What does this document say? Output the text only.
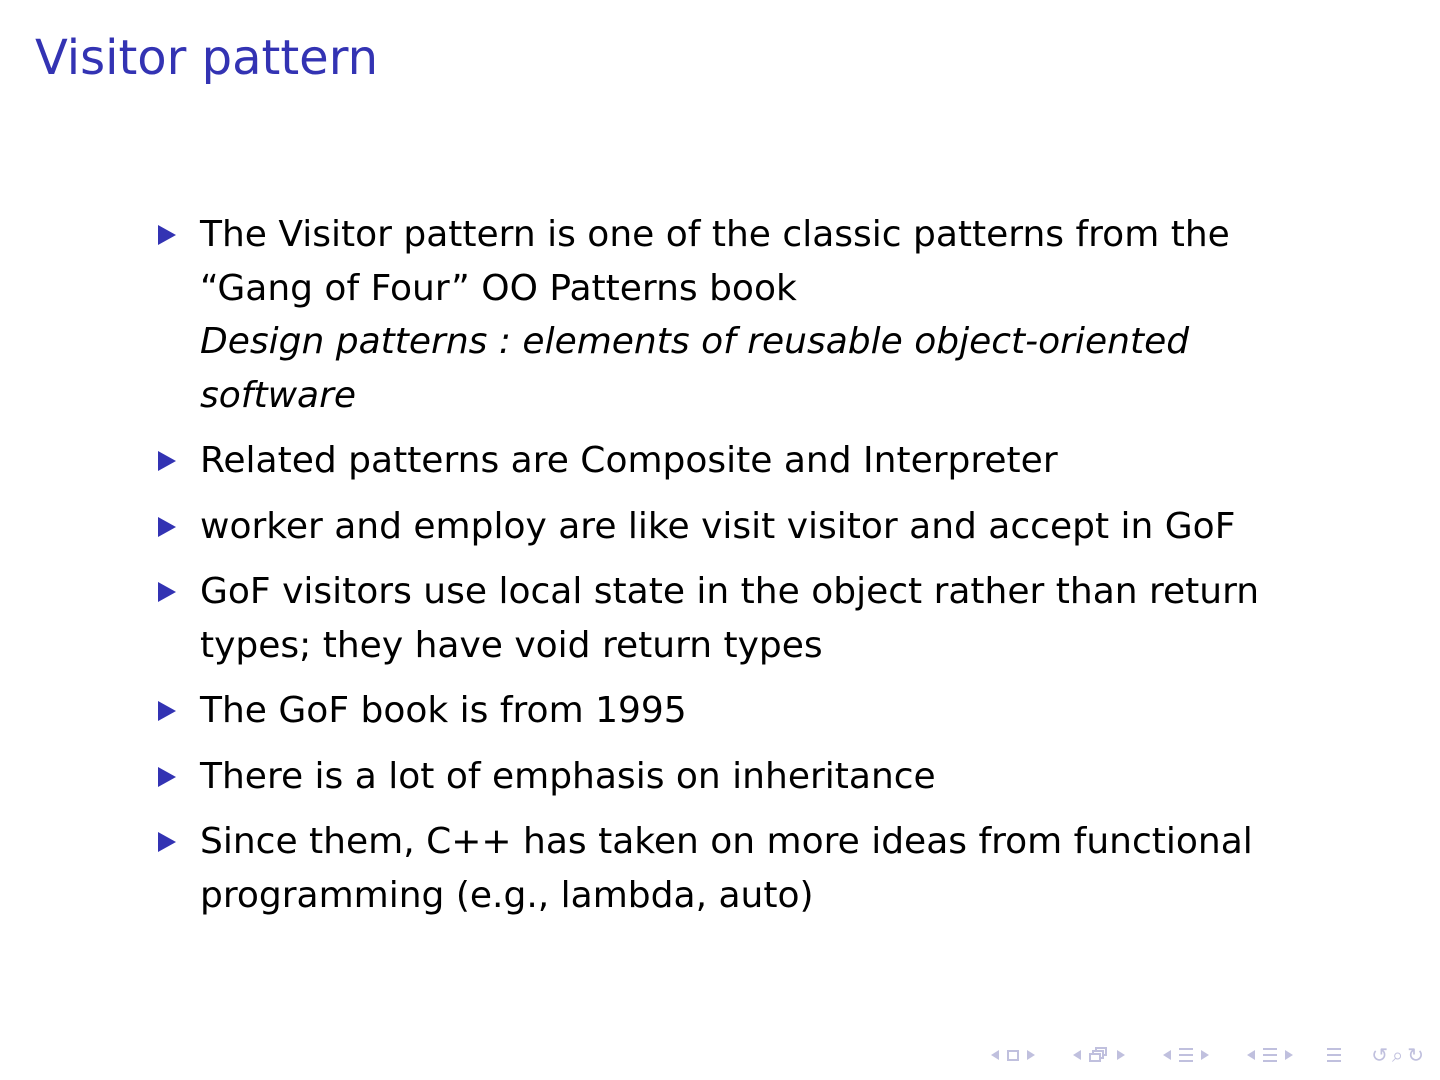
Visitor pattern
The Visitor pattern is one of the classic patterns from the
“Gang of Four” OO Patterns book
Design patterns : elements of reusable object-oriented
software
Related patterns are Composite and Interpreter
worker and employ are like visit visitor and accept in GoF
GoF visitors use local state in the object rather than return
types; they have void return types
The GoF book is from 1995
There is a lot of emphasis on inheritance
Since them, C++ has taken on more ideas from functional
programming (e.g., lambda, auto)
↺ ⌕ ↻
